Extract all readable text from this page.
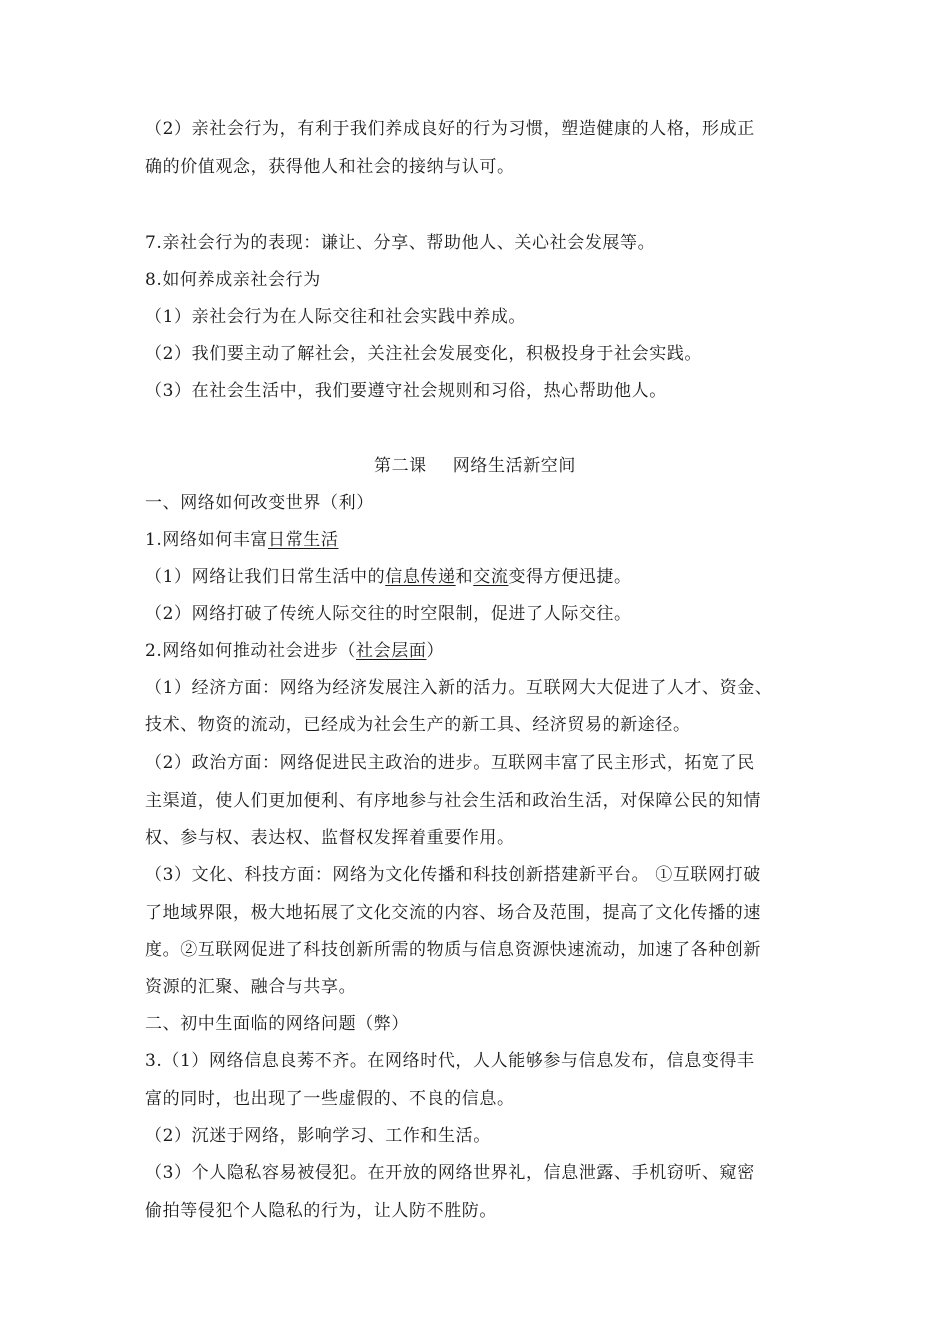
（2）亲社会行为，有利于我们养成良好的行为习惯，塑造健康的人格，形成正
确的价值观念，获得他人和社会的接纳与认可。
7.亲社会行为的表现：谦让、分享、帮助他人、关心社会发展等。
8.如何养成亲社会行为
（1）亲社会行为在人际交往和社会实践中养成。
（2）我们要主动了解社会，关注社会发展变化，积极投身于社会实践。
（3）在社会生活中，我们要遵守社会规则和习俗，热心帮助他人。
第二课 网络生活新空间
一、网络如何改变世界（利）
1.网络如何丰富日常生活
（1）网络让我们日常生活中的信息传递和交流变得方便迅捷。
（2）网络打破了传统人际交往的时空限制，促进了人际交往。
2.网络如何推动社会进步（社会层面）
（1）经济方面：网络为经济发展注入新的活力。互联网大大促进了人才、资金、
技术、物资的流动，已经成为社会生产的新工具、经济贸易的新途径。
（2）政治方面：网络促进民主政治的进步。互联网丰富了民主形式，拓宽了民
主渠道，使人们更加便利、有序地参与社会生活和政治生活，对保障公民的知情
权、参与权、表达权、监督权发挥着重要作用。
（3）文化、科技方面：网络为文化传播和科技创新搭建新平台。 ①互联网打破
了地域界限，极大地拓展了文化交流的内容、场合及范围，提高了文化传播的速
度。②互联网促进了科技创新所需的物质与信息资源快速流动，加速了各种创新
资源的汇聚、融合与共享。
二、初中生面临的网络问题（弊）
3.（1）网络信息良莠不齐。在网络时代，人人能够参与信息发布，信息变得丰
富的同时，也出现了一些虚假的、不良的信息。
（2）沉迷于网络，影响学习、工作和生活。
（3）个人隐私容易被侵犯。在开放的网络世界礼，信息泄露、手机窃听、窥密
偷拍等侵犯个人隐私的行为，让人防不胜防。
